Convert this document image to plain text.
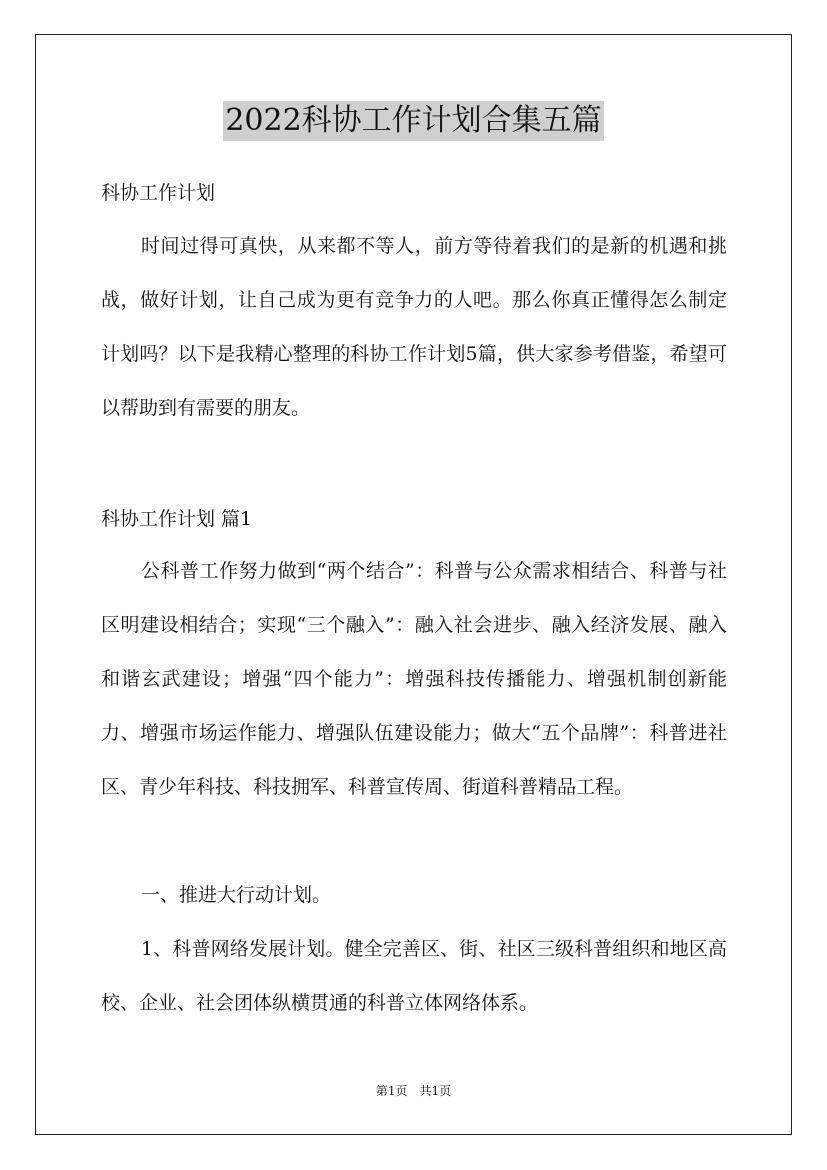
2022科协工作计划合集五篇
科协工作计划
时间过得可真快，从来都不等人，前方等待着我们的是新的机遇和挑战，做好计划，让自己成为更有竞争力的人吧。那么你真正懂得怎么制定计划吗？以下是我精心整理的科协工作计划5篇，供大家参考借鉴，希望可以帮助到有需要的朋友。
科协工作计划 篇1
公科普工作努力做到“两个结合”：科普与公众需求相结合、科普与社区明建设相结合；实现“三个融入”：融入社会进步、融入经济发展、融入和谐玄武建设；增强“四个能力”：增强科技传播能力、增强机制创新能力、增强市场运作能力、增强队伍建设能力；做大“五个品牌”：科普进社区、青少年科技、科技拥军、科普宣传周、街道科普精品工程。
一、推进大行动计划。
1、科普网络发展计划。健全完善区、街、社区三级科普组织和地区高校、企业、社会团体纵横贯通的科普立体网络体系。
第1页　共1页
